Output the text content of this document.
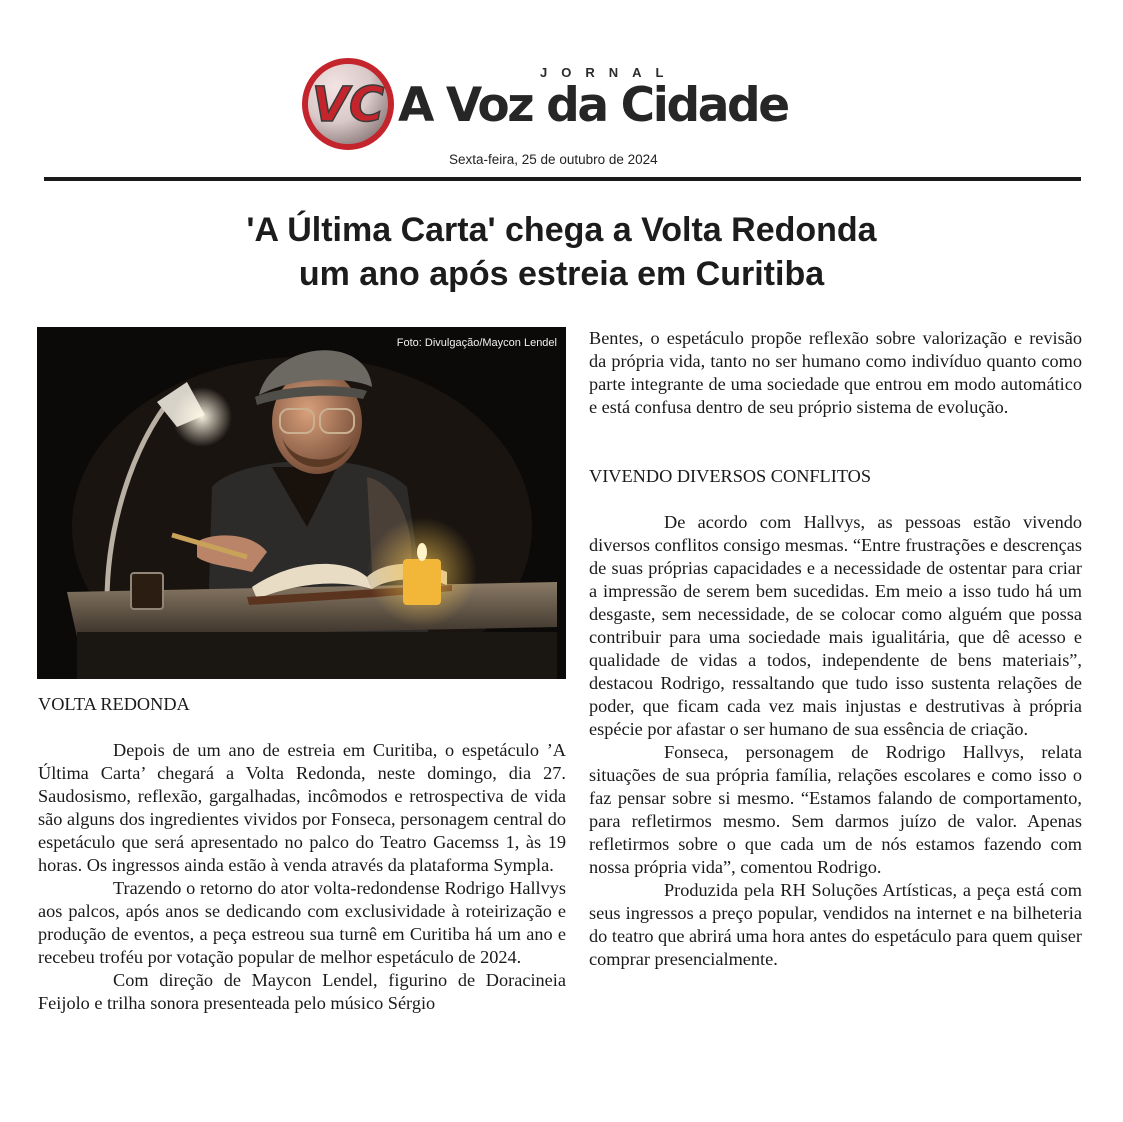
VC
JORNAL
A Voz da Cidade
Sexta-feira, 25 de outubro de 2024
'A Última Carta' chega a Volta Redonda
um ano após estreia em Curitiba
Foto: Divulgação/Maycon Lendel
VOLTA REDONDA

Depois de um ano de estreia em Curitiba, o espetáculo ’A Última Carta’ chegará a Volta Redonda, neste domingo, dia 27. Saudosismo, reflexão, gargalhadas, incômodos e retrospectiva de vida são alguns dos ingredientes vividos por Fonseca, personagem central do espetáculo que será apresentado no palco do Teatro Gacemss 1, às 19 horas. Os ingressos ainda estão à venda através da plataforma Sympla.

Trazendo o retorno do ator volta-redondense Rodrigo Hallvys aos palcos, após anos se dedicando com exclusividade à roteirização e produção de eventos, a peça estreou sua turnê em Curitiba há um ano e recebeu troféu por votação popular de melhor espetáculo de 2024.

Com direção de Maycon Lendel, figurino de Doracineia Feijolo e trilha sonora presenteada pelo músico Sérgio

Bentes, o espetáculo propõe reflexão sobre valorização e revisão da própria vida, tanto no ser humano como indivíduo quanto como parte integrante de uma sociedade que entrou em modo automático e está confusa dentro de seu próprio sistema de evolução.

VIVENDO DIVERSOS CONFLITOS

De acordo com Hallvys, as pessoas estão vivendo diversos conflitos consigo mesmas. “Entre frustrações e descrenças de suas próprias capacidades e a necessidade de ostentar para criar a impressão de serem bem sucedidas. Em meio a isso tudo há um desgaste, sem necessidade, de se colocar como alguém que possa contribuir para uma sociedade mais igualitária, que dê acesso e qualidade de vidas a todos, independente de bens materiais”, destacou Rodrigo, ressaltando que tudo isso sustenta relações de poder, que ficam cada vez mais injustas e destrutivas à própria espécie por afastar o ser humano de sua essência de criação.

Fonseca, personagem de Rodrigo Hallvys, relata situações de sua própria família, relações escolares e como isso o faz pensar sobre si mesmo. “Estamos falando de comportamento, para refletirmos mesmo. Sem darmos juízo de valor. Apenas refletirmos sobre o que cada um de nós estamos fazendo com nossa própria vida”, comentou Rodrigo.

Produzida pela RH Soluções Artísticas, a peça está com seus ingressos a preço popular, vendidos na internet e na bilheteria do teatro que abrirá uma hora antes do espetáculo para quem quiser comprar presencialmente.
